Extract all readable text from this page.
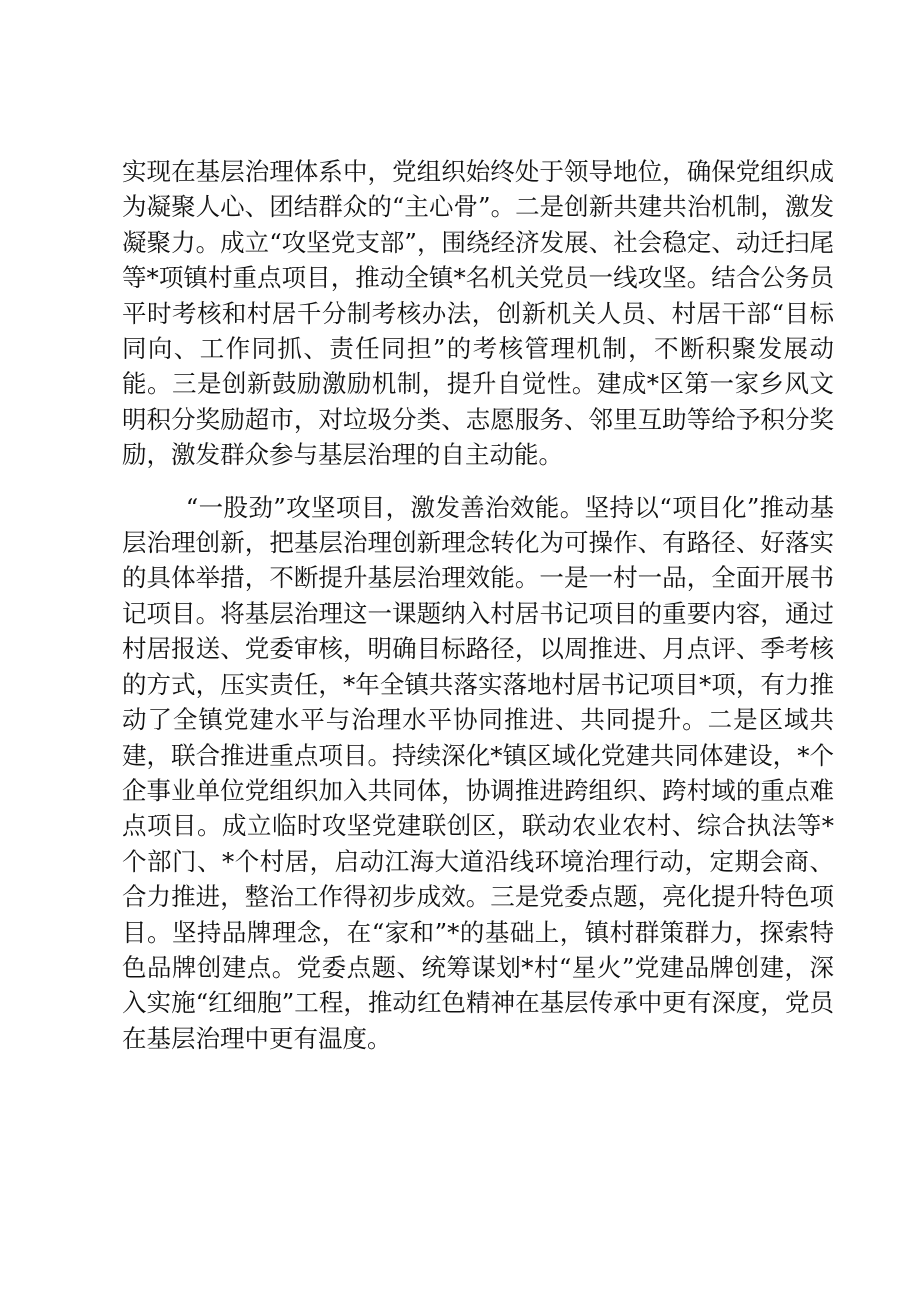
实现在基层治理体系中，党组织始终处于领导地位，确保党组织成为凝聚人心、团结群众的“主心骨”。二是创新共建共治机制，激发凝聚力。成立“攻坚党支部”，围绕经济发展、社会稳定、动迁扫尾等*项镇村重点项目，推动全镇*名机关党员一线攻坚。结合公务员平时考核和村居千分制考核办法，创新机关人员、村居干部“目标同向、工作同抓、责任同担”的考核管理机制，不断积聚发展动能。三是创新鼓励激励机制，提升自觉性。建成*区第一家乡风文明积分奖励超市，对垃圾分类、志愿服务、邻里互助等给予积分奖励，激发群众参与基层治理的自主动能。

“一股劲”攻坚项目，激发善治效能。坚持以“项目化”推动基层治理创新，把基层治理创新理念转化为可操作、有路径、好落实的具体举措，不断提升基层治理效能。一是一村一品，全面开展书记项目。将基层治理这一课题纳入村居书记项目的重要内容，通过村居报送、党委审核，明确目标路径，以周推进、月点评、季考核的方式，压实责任，*年全镇共落实落地村居书记项目*项，有力推动了全镇党建水平与治理水平协同推进、共同提升。二是区域共建，联合推进重点项目。持续深化*镇区域化党建共同体建设，*个企事业单位党组织加入共同体，协调推进跨组织、跨村域的重点难点项目。成立临时攻坚党建联创区，联动农业农村、综合执法等*个部门、*个村居，启动江海大道沿线环境治理行动，定期会商、合力推进，整治工作得初步成效。三是党委点题，亮化提升特色项目。坚持品牌理念，在“家和”*的基础上，镇村群策群力，探索特色品牌创建点。党委点题、统筹谋划*村“星火”党建品牌创建，深入实施“红细胞”工程，推动红色精神在基层传承中更有深度，党员在基层治理中更有温度。
